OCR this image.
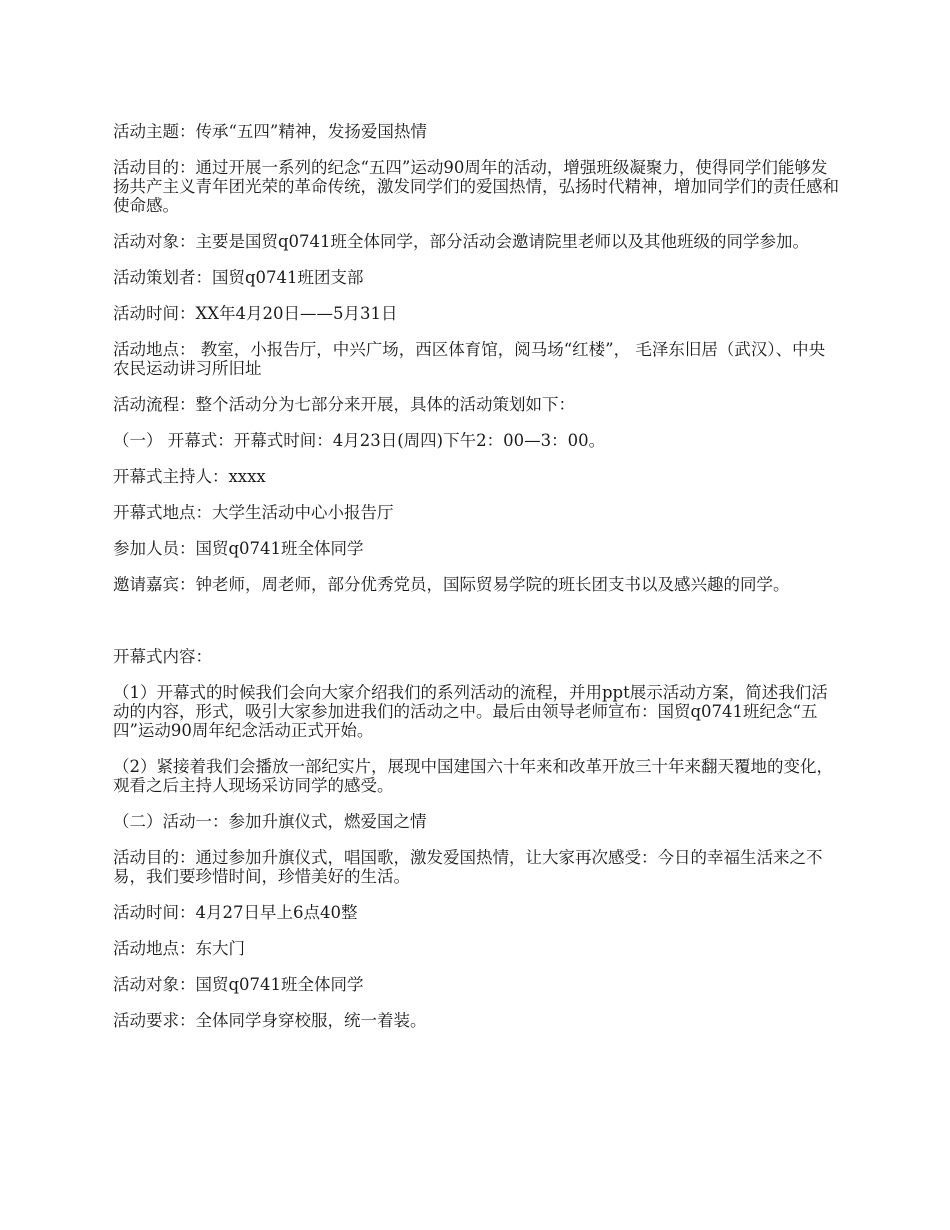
活动主题：传承“五四”精神，发扬爱国热情

活动目的：通过开展一系列的纪念“五四”运动90周年的活动，增强班级凝聚力，使得同学们能够发扬共产主义青年团光荣的革命传统，激发同学们的爱国热情，弘扬时代精神，增加同学们的责任感和使命感。

活动对象：主要是国贸q0741班全体同学，部分活动会邀请院里老师以及其他班级的同学参加。

活动策划者：国贸q0741班团支部

活动时间：XX年4月20日——5月31日

活动地点： 教室，小报告厅，中兴广场，西区体育馆，阅马场“红楼”， 毛泽东旧居（武汉）、中央农民运动讲习所旧址

活动流程：整个活动分为七部分来开展，具体的活动策划如下：

（一） 开幕式：开幕式时间：4月23日(周四)下午2：00—3：00。

开幕式主持人：xxxx

开幕式地点：大学生活动中心小报告厅

参加人员：国贸q0741班全体同学

邀请嘉宾：钟老师，周老师，部分优秀党员，国际贸易学院的班长团支书以及感兴趣的同学。

开幕式内容：

（1）开幕式的时候我们会向大家介绍我们的系列活动的流程，并用ppt展示活动方案，简述我们活动的内容，形式，吸引大家参加进我们的活动之中。最后由领导老师宣布：国贸q0741班纪念“五四”运动90周年纪念活动正式开始。

（2）紧接着我们会播放一部纪实片，展现中国建国六十年来和改革开放三十年来翻天覆地的变化，观看之后主持人现场采访同学的感受。

（二）活动一：参加升旗仪式，燃爱国之情

活动目的：通过参加升旗仪式，唱国歌，激发爱国热情，让大家再次感受：今日的幸福生活来之不易，我们要珍惜时间，珍惜美好的生活。

活动时间：4月27日早上6点40整

活动地点：东大门

活动对象：国贸q0741班全体同学

活动要求：全体同学身穿校服，统一着装。
